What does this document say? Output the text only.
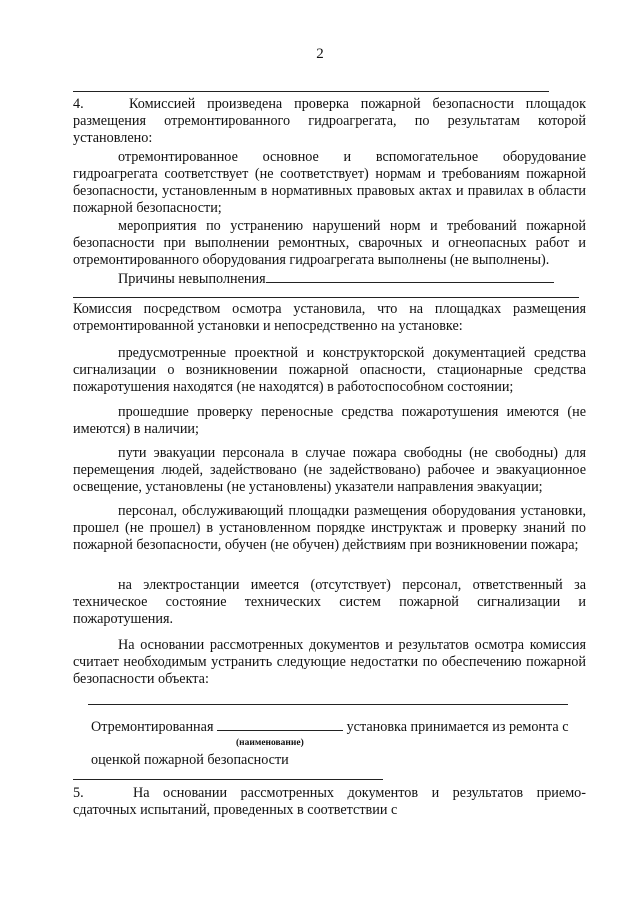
2
4.	Комиссией произведена проверка пожарной безопасности площадок размещения отремонтированного гидроагрегата, по результатам которой установлено:
отремонтированное основное и вспомогательное оборудование гидроагрегата соответствует (не соответствует) нормам и требованиям пожарной безопасности, установленным в нормативных правовых актах и правилах в области пожарной безопасности;
мероприятия по устранению нарушений норм и требований пожарной безопасности при выполнении ремонтных, сварочных и огнеопасных работ и отремонтированного оборудования гидроагрегата выполнены (не выполнены).
Причины невыполнения
Комиссия посредством осмотра установила, что на площадках размещения отремонтированной установки и непосредственно на установке:
предусмотренные проектной и конструкторской документацией средства сигнализации о возникновении пожарной опасности, стационарные средства пожаротушения находятся (не находятся) в работоспособном состоянии;
прошедшие проверку переносные средства пожаротушения имеются (не имеются) в наличии;
пути эвакуации персонала в случае пожара свободны (не свободны) для перемещения людей, задействовано (не задействовано) рабочее и эвакуационное освещение, установлены (не установлены) указатели направления эвакуации;
персонал, обслуживающий площадки размещения оборудования установки, прошел (не прошел) в установленном порядке инструктаж и проверку знаний по пожарной безопасности, обучен (не обучен) действиям при возникновении пожара;
на электростанции имеется (отсутствует) персонал, ответственный за техническое состояние технических систем пожарной сигнализации и пожаротушения.
На основании рассмотренных документов и результатов осмотра комиссия считает необходимым устранить следующие недостатки по обеспечению пожарной безопасности объекта:
Отремонтированная	установка принимается из ремонта с
(наименование)
оценкой пожарной безопасности
5.	На основании рассмотренных документов и результатов приемо-сдаточных испытаний, проведенных в соответствии с
